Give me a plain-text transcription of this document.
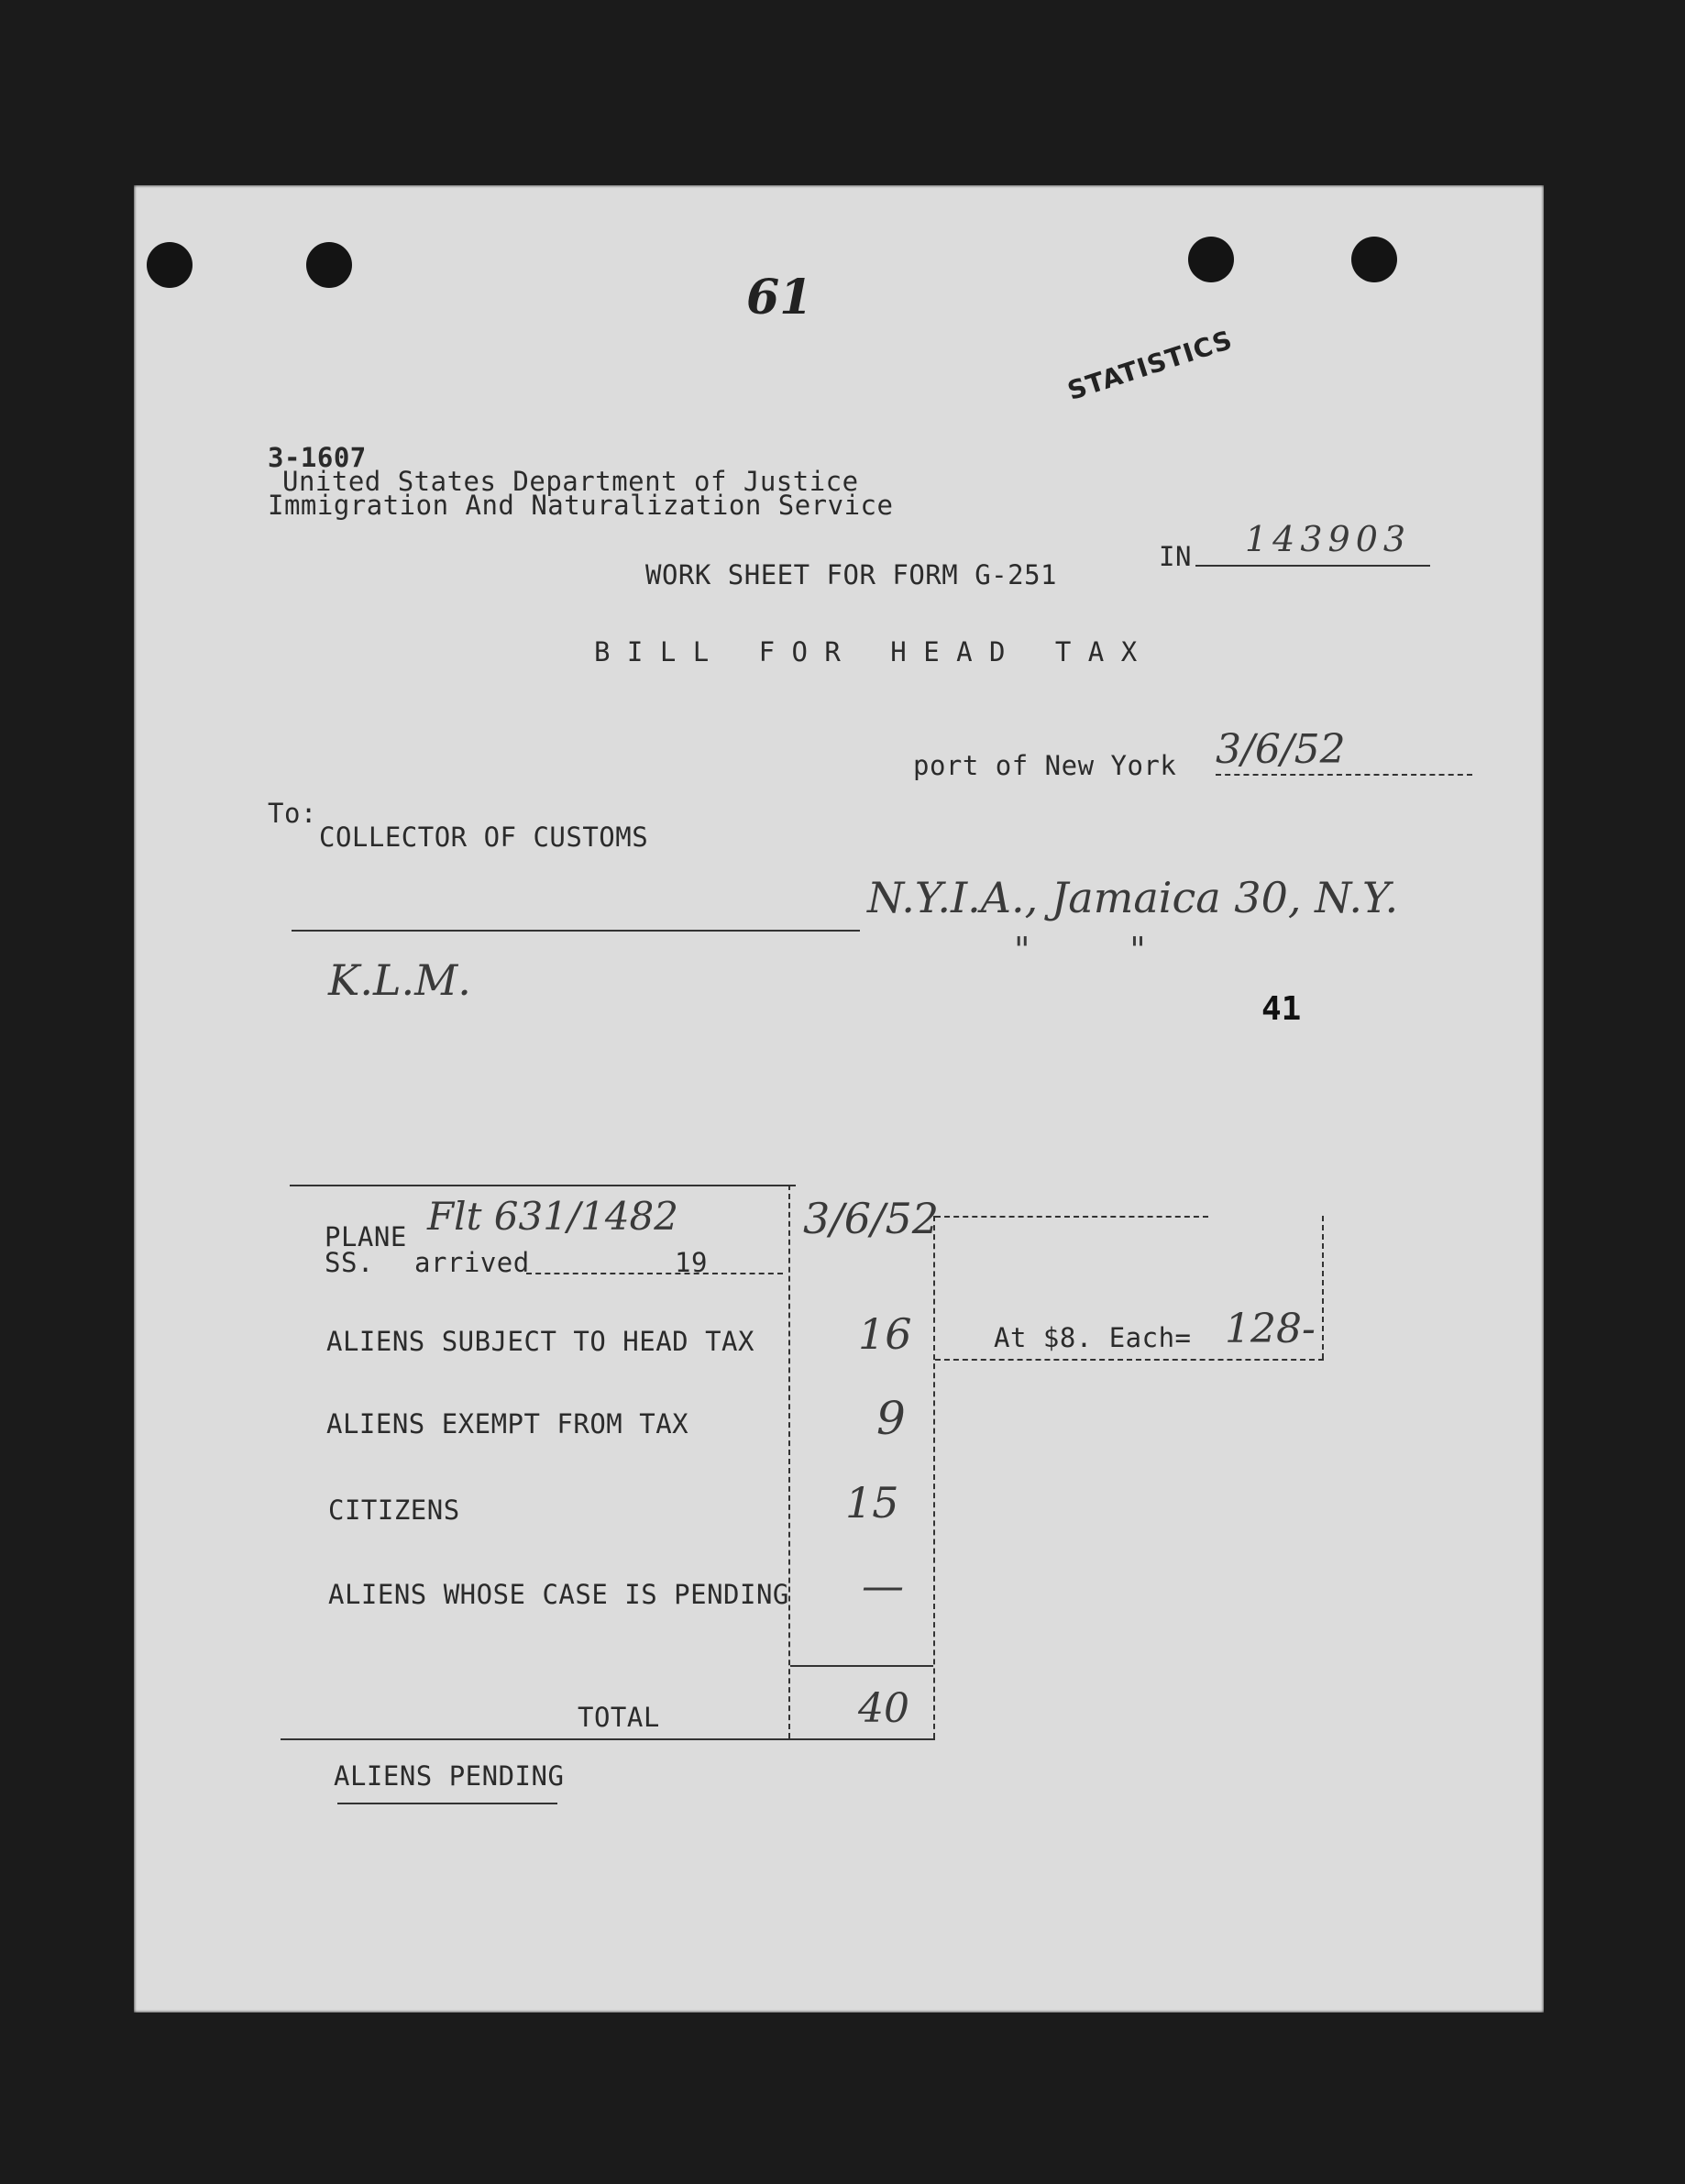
61
STATISTICS
3-1607
United States Department of Justice
Immigration And Naturalization Service
WORK SHEET FOR FORM G-251
IN 143903
B I L L   F O R   H E A D   T A X
port of New York 3/6/52
To:
COLLECTOR OF CUSTOMS
N.Y.I.A., Jamaica 30, N.Y.
"         "
K.L.M.
41
PLANE Flt 631/1482
SS. arrived	19
3/6/52
ALIENS SUBJECT TO HEAD TAX 16	At $8. Each= 128-
ALIENS EXEMPT FROM TAX	9
CITIZENS	15
ALIENS WHOSE CASE IS PENDING —
TOTAL	40
ALIENS PENDING
